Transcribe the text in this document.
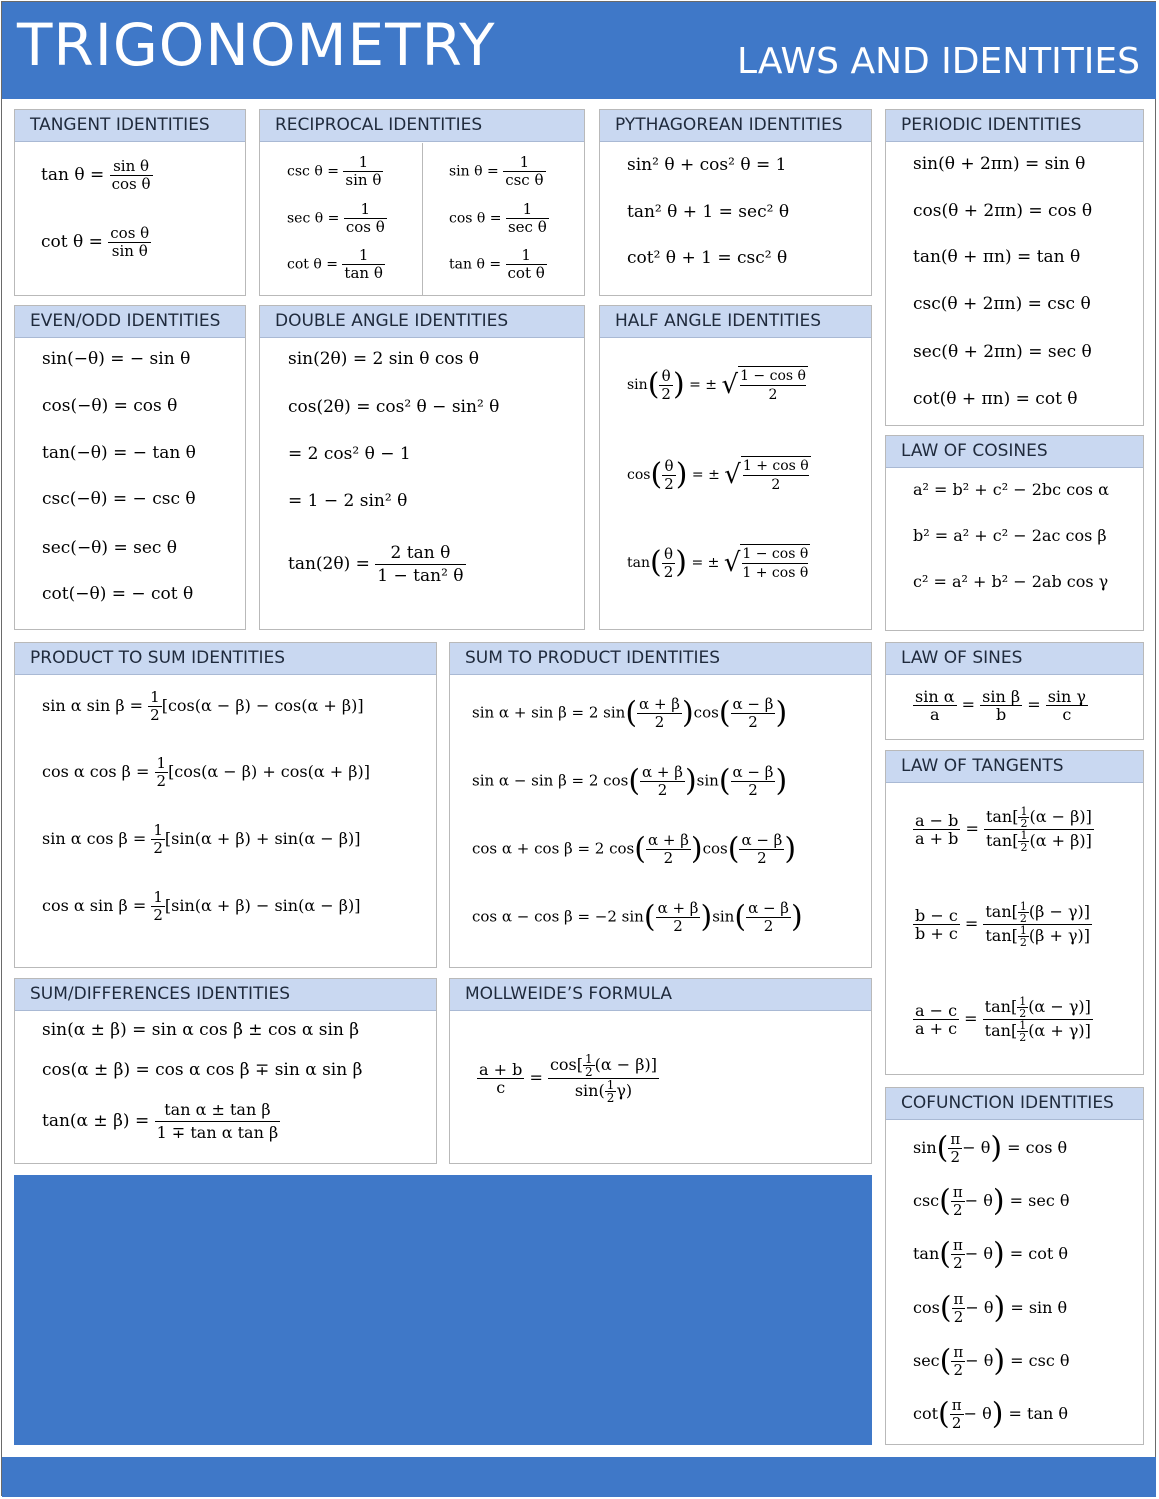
TRIGONOMETRY	LAWS AND IDENTITIES
TANGENT IDENTITIES
$\tan \theta = \frac{\text{sin θ}}{\text{cos θ}}$
$\cot \theta = \frac{\text{cos θ}}{\text{sin θ}}$
RECIPROCAL IDENTITIES
$\csc \theta = \frac{1}{\text{sin θ}}$
$\sec \theta = \frac{1}{\text{cos θ}}$
$\cot \theta = \frac{1}{\text{tan θ}}$
sin θ =
1
csc θ
cos θ =
1
sec θ
$\tan \theta = \frac{1}{\text{cot θ}}$
PYTHAGOREAN IDENTITIES
sin² θ + cos² θ = 1
tan² θ + 1 = sec² θ
cot² θ + 1 = csc² θ
PERIODIC IDENTITIES
sin(θ + 2πn) = sin θ
cos(θ + 2πn) = cos θ
tan(θ + πn) = tan θ
csc(θ + 2πn) = csc θ
sec(θ + 2πn) = sec θ
cot(θ + πn) = cot θ
EVEN/ODD IDENTITIES
sin(−θ) = − sin θ
cos(−θ) = cos θ
tan(−θ) = − tan θ
csc(−θ) = − csc θ
sec(−θ) = sec θ
cot(−θ) = − cot θ
DOUBLE ANGLE IDENTITIES
sin(2θ) = 2 sin θ cos θ
cos(2θ) = cos² θ − sin² θ
= 2 cos² θ − 1
= 1 − 2 sin² θ
$\tan(2\theta) = \frac{\text{2 tan θ}}{\text{1 − tan² θ}}$
HALF ANGLE IDENTITIES
$\sin( \frac{\theta}{2}$ ) = ± √ $\frac{\text{1 − cos θ}}{2}$
$\cos( \frac{\theta}{2}$ ) = ± √ $\frac{\text{1 + cos θ}}{2}$
$\tan( \frac{\theta}{2}$ ) = ± √ $\frac{\text{1 − cos θ}}{\text{1 + cos θ}}$
LAW OF COSINES
a² = b² + c² − 2bc cos α
b² = a² + c² − 2ac cos β
c² = a² + b² − 2ab cos γ
PRODUCT TO SUM IDENTITIES
sin α $\sin \beta = \frac{1}{2} [\cos(\alpha - \beta) - \cos(\alpha + \beta)]$
cos α $\cos \beta = \frac{1}{2} [\cos(\alpha - \beta) + \cos(\alpha + \beta)]$
sin α $\cos \beta = \frac{1}{2} [\sin(\alpha + \beta) + \sin(\alpha - \beta)]$
cos α $\sin \beta = \frac{1}{2} [\sin(\alpha + \beta) - \sin(\alpha - \beta)]$
SUM TO PRODUCT IDENTITIES
sin α + sin β = 2 $\sin( \frac{\alpha + \beta}{2} )\cos( \frac{\alpha - \beta}{2}$ )
sin α − sin β = 2 $\cos( \frac{\alpha + \beta}{2} )\sin( \frac{\alpha - \beta}{2}$ )
cos α + cos β = 2 $\cos( \frac{\alpha + \beta}{2} )\cos( \frac{\alpha - \beta}{2}$ )
cos α − cos β = −2 $\sin( \frac{\alpha + \beta}{2} )\sin( \frac{\alpha - \beta}{2}$ )
LAW OF SINES
$\frac{\text{sin α}}{a} = \frac{\text{sin β}}{b} = \frac{\text{sin γ}}{c}$
LAW OF TANGENTS
$\frac{a - b}{a + b} = \frac{\tan[ \frac{1}{2} (\alpha - \beta)]}{\tan[ \frac{1}{2} (\alpha + \beta)]}$
$\frac{b - c}{b + c} = \frac{\tan[ \frac{1}{2} (\beta - \gamma)]}{\tan[ \frac{1}{2} (\beta + \gamma)]}$
$\frac{a - c}{a + c} = \frac{\tan[ \frac{1}{2} (\alpha - \gamma)]}{\tan[ \frac{1}{2} (\alpha + \gamma)]}$
SUM/DIFFERENCES IDENTITIES
sin(α ± β) = sin α cos β ± cos α sin β
cos(α ± β) = cos α cos β ∓ sin α sin β
$\tan(\alpha \pm \beta) = \frac{\text{tan α ± tan β}}{\text{1 ∓ tan α tan β}}$
MOLLWEIDE’S FORMULA
$\frac{a + b}{c} = \frac{\cos[ \frac{1}{2} (\alpha - \beta)]}{\sin( \frac{1}{2} \gamma)}$	COFUNCTION IDENTITIES
$\sin( \frac{\pi}{2} - \theta) = \cos \theta$
$\csc( \frac{\pi}{2} - \theta) = \sec \theta$
$\tan( \frac{\pi}{2} - \theta) = \cot \theta$
$\cos( \frac{\pi}{2} - \theta) = \sin \theta$
$\sec( \frac{\pi}{2} - \theta) = \csc \theta$
$\cot( \frac{\pi}{2} - \theta) = \tan \theta$
